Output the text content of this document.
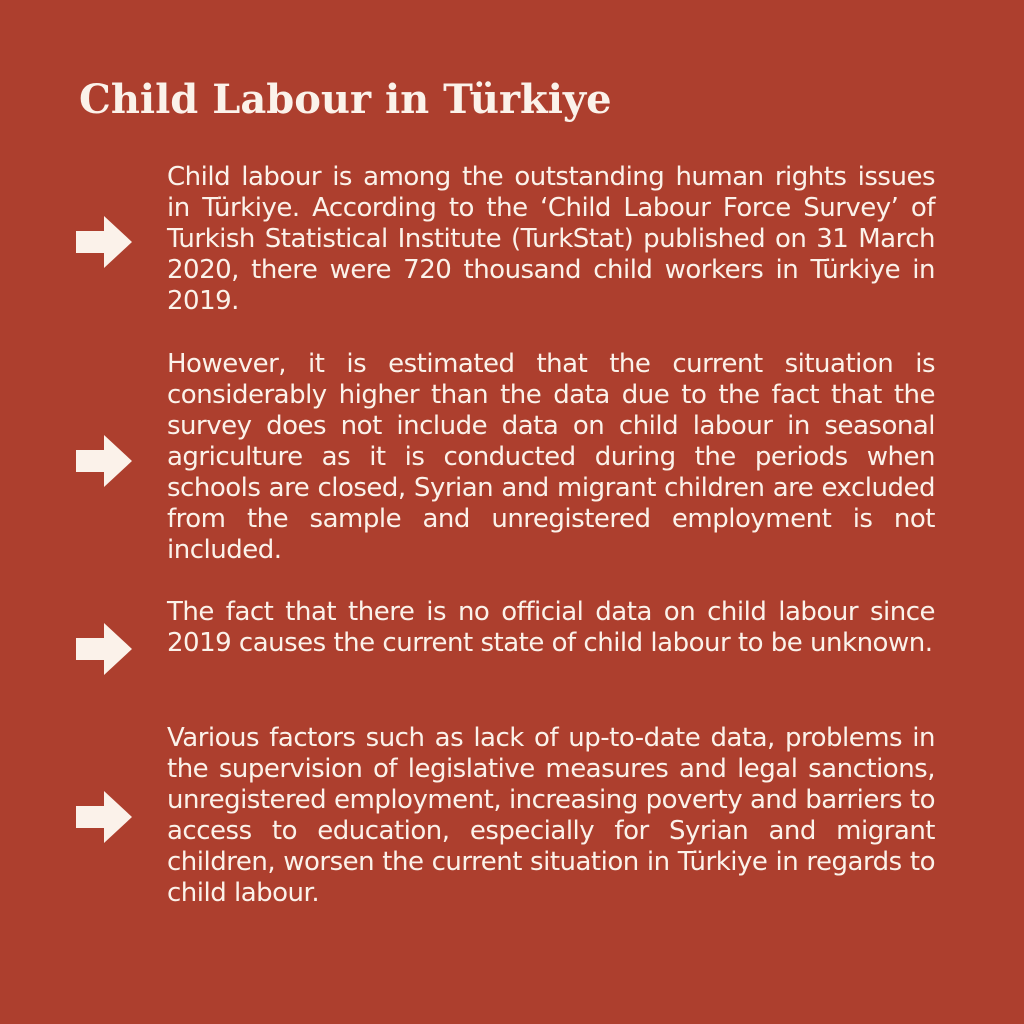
Child Labour in Türkiye

Child labour is among the outstanding human rights issues in Türkiye. According to the ‘Child Labour Force Survey’ of Turkish Statistical Institute (TurkStat) published on 31 March 2020, there were 720 thousand child workers in Türkiye in 2019.

However, it is estimated that the current situation is considerably higher than the data due to the fact that the survey does not include data on child labour in seasonal agriculture as it is conducted during the periods when schools are closed, Syrian and migrant children are excluded from the sample and unregistered employment is not included.

The fact that there is no official data on child labour since 2019 causes the current state of child labour to be unknown.

Various factors such as lack of up-to-date data, problems in the supervision of legislative measures and legal sanctions, unregistered employment, increasing poverty and barriers to access to education, especially for Syrian and migrant children, worsen the current situation in Türkiye in regards to child labour.
